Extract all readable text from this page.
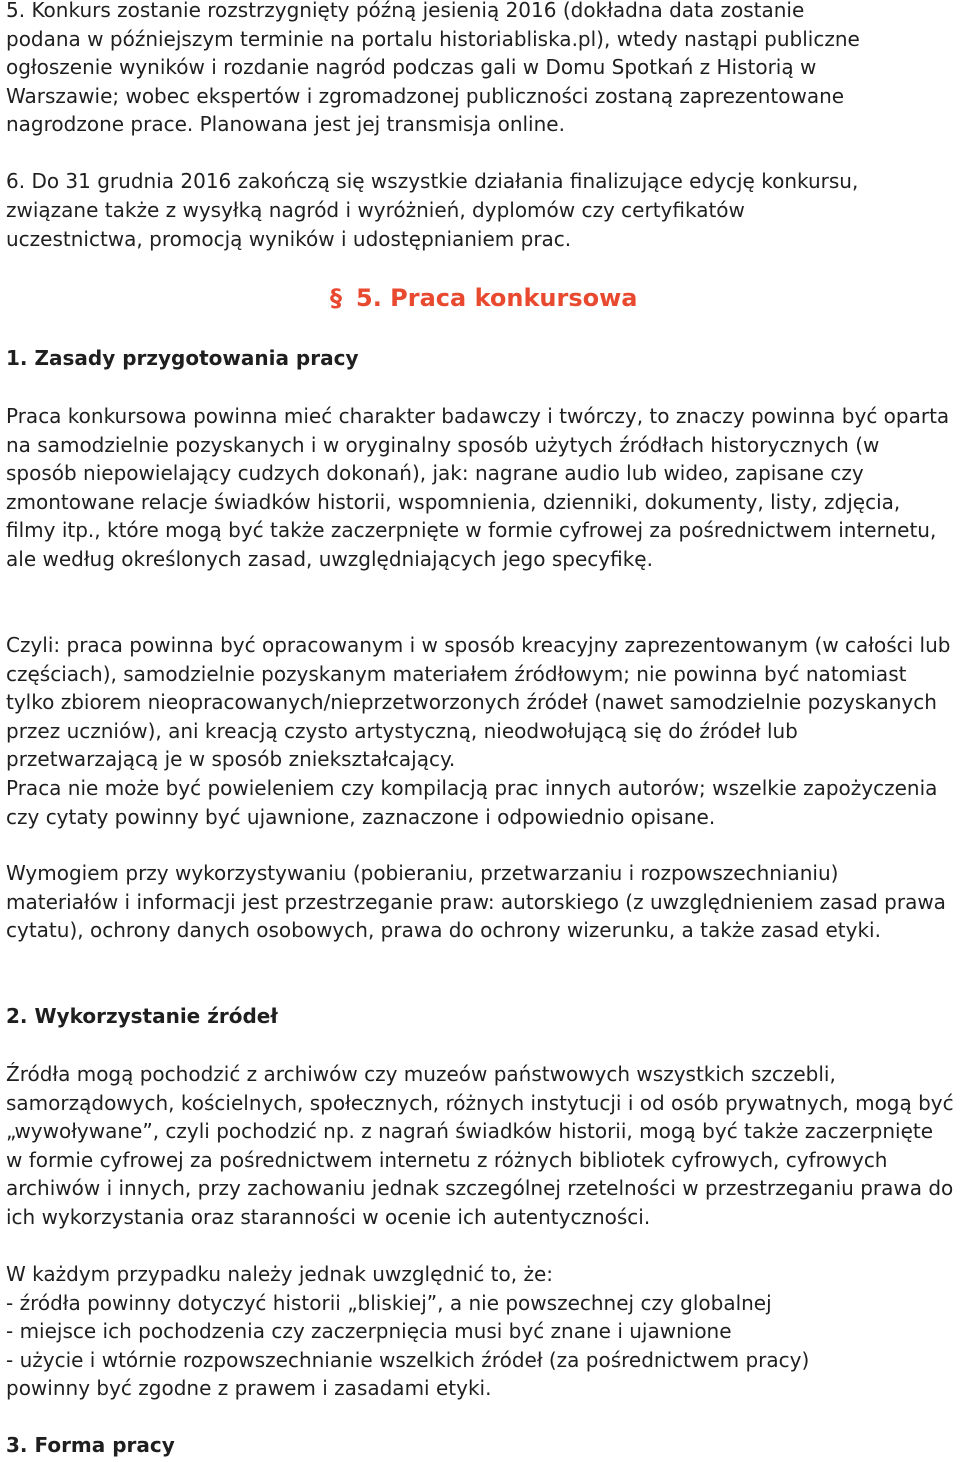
5. Konkurs zostanie rozstrzygnięty późną jesienią 2016 (dokładna data zostanie
podana w późniejszym terminie na portalu historiabliska.pl), wtedy nastąpi publiczne
ogłoszenie wyników i rozdanie nagród podczas gali w Domu Spotkań z Historią w
Warszawie; wobec ekspertów i zgromadzonej publiczności zostaną zaprezentowane
nagrodzone prace. Planowana jest jej transmisja online.
6. Do 31 grudnia 2016 zakończą się wszystkie działania finalizujące edycję konkursu,
związane także z wysyłką nagród i wyróżnień, dyplomów czy certyfikatów
uczestnictwa, promocją wyników i udostępnianiem prac.
§ 5. Praca konkursowa
1. Zasady przygotowania pracy
Praca konkursowa powinna mieć charakter badawczy i twórczy, to znaczy powinna być oparta na samodzielnie pozyskanych i w oryginalny sposób użytych źródłach historycznych (w sposób niepowielający cudzych dokonań), jak: nagrane audio lub wideo, zapisane czy zmontowane relacje świadków historii, wspomnienia, dzienniki, dokumenty, listy, zdjęcia, filmy itp., które mogą być także zaczerpnięte w formie cyfrowej za pośrednictwem internetu, ale według określonych zasad, uwzględniających jego specyfikę.
Czyli: praca powinna być opracowanym i w sposób kreacyjny zaprezentowanym (w całości lub częściach), samodzielnie pozyskanym materiałem źródłowym; nie powinna być natomiast tylko zbiorem nieopracowanych/nieprzetworzonych źródeł (nawet samodzielnie pozyskanych przez uczniów), ani kreacją czysto artystyczną, nieodwołującą się do źródeł lub przetwarzającą je w sposób zniekształcający.
Praca nie może być powieleniem czy kompilacją prac innych autorów; wszelkie zapożyczenia czy cytaty powinny być ujawnione, zaznaczone i odpowiednio opisane.
Wymogiem przy wykorzystywaniu (pobieraniu, przetwarzaniu i rozpowszechnianiu) materiałów i informacji jest przestrzeganie praw: autorskiego (z uwzględnieniem zasad prawa cytatu), ochrony danych osobowych, prawa do ochrony wizerunku, a także zasad etyki.
2. Wykorzystanie źródeł
Źródła mogą pochodzić z archiwów czy muzeów państwowych wszystkich szczebli, samorządowych, kościelnych, społecznych, różnych instytucji i od osób prywatnych, mogą być „wywoływane”, czyli pochodzić np. z nagrań świadków historii, mogą być także zaczerpnięte w formie cyfrowej za pośrednictwem internetu z różnych bibliotek cyfrowych, cyfrowych archiwów i innych, przy zachowaniu jednak szczególnej rzetelności w przestrzeganiu prawa do ich wykorzystania oraz staranności w ocenie ich autentyczności.
W każdym przypadku należy jednak uwzględnić to, że:
- źródła powinny dotyczyć historii „bliskiej”, a nie powszechnej czy globalnej
- miejsce ich pochodzenia czy zaczerpnięcia musi być znane i ujawnione
- użycie i wtórnie rozpowszechnianie wszelkich źródeł (za pośrednictwem pracy)
powinny być zgodne z prawem i zasadami etyki.
3. Forma pracy
